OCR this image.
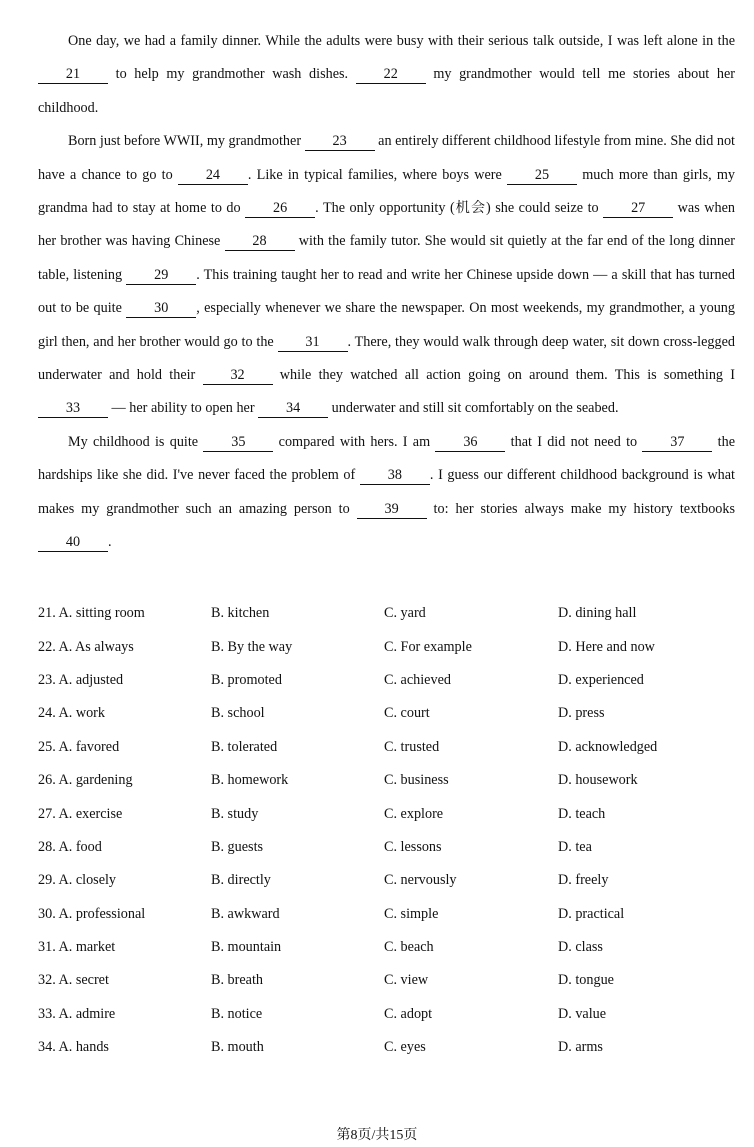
One day, we had a family dinner. While the adults were busy with their serious talk outside, I was left alone in the 21 to help my grandmother wash dishes. 22 my grandmother would tell me stories about her childhood.

Born just before WWII, my grandmother 23 an entirely different childhood lifestyle from mine. She did not have a chance to go to 24 . Like in typical families, where boys were 25 much more than girls, my grandma had to stay at home to do 26 . The only opportunity (机会) she could seize to 27 was when her brother was having Chinese 28 with the family tutor. She would sit quietly at the far end of the long dinner table, listening 29 . This training taught her to read and write her Chinese upside down — a skill that has turned out to be quite 30 , especially whenever we share the newspaper. On most weekends, my grandmother, a young girl then, and her brother would go to the 31 . There, they would walk through deep water, sit down cross-legged underwater and hold their 32 while they watched all action going on around them. This is something I 33 — her ability to open her 34 underwater and still sit comfortably on the seabed.

My childhood is quite 35 compared with hers. I am 36 that I did not need to 37 the hardships like she did. I've never faced the problem of 38 . I guess our different childhood background is what makes my grandmother such an amazing person to 39 to: her stories always make my history textbooks 40 .

21. A. sitting room	B. kitchen	C. yard	D. dining hall
22. A. As always	B. By the way	C. For example	D. Here and now
23. A. adjusted	B. promoted	C. achieved	D. experienced
24. A. work	B. school	C. court	D. press
25. A. favored	B. tolerated	C. trusted	D. acknowledged
26. A. gardening	B. homework	C. business	D. housework
27. A. exercise	B. study	C. explore	D. teach
28. A. food	B. guests	C. lessons	D. tea
29. A. closely	B. directly	C. nervously	D. freely
30. A. professional	B. awkward	C. simple	D. practical
31. A. market	B. mountain	C. beach	D. class
32. A. secret	B. breath	C. view	D. tongue
33. A. admire	B. notice	C. adopt	D. value
34. A. hands	B. mouth	C. eyes	D. arms
第8页/共15页
